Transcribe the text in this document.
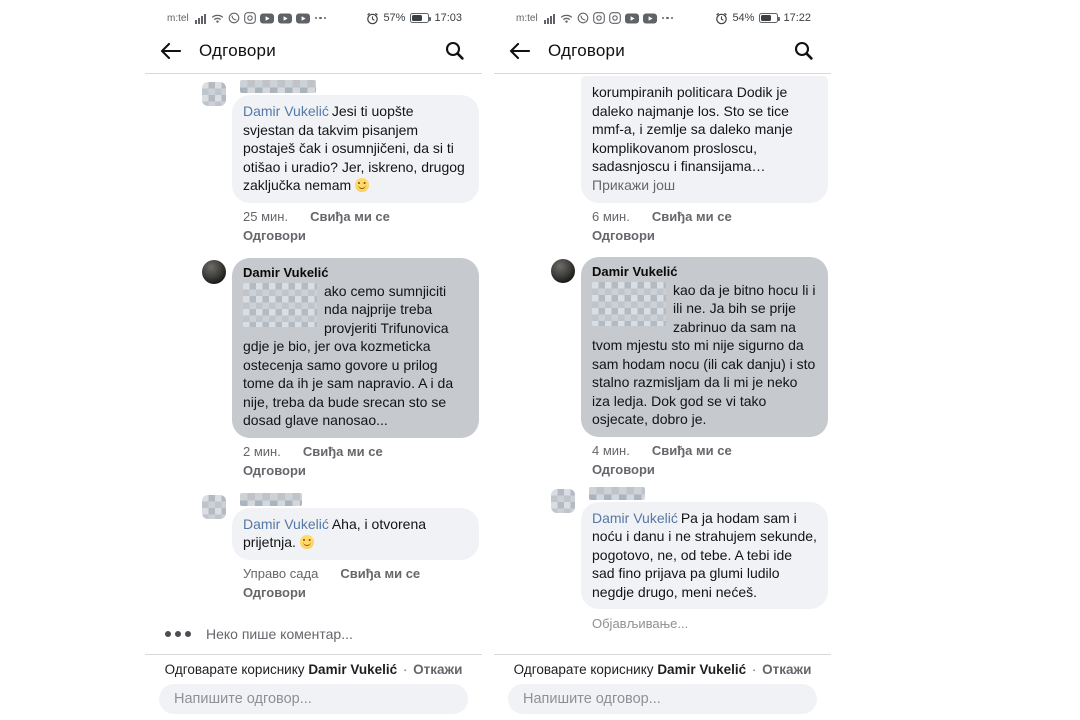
m:tel	57%	17:03
Одговори

Damir Vukelić Jesi ti uopšte svjestan da takvim pisanjem postaješ čak i osumnjičeni, da si ti otišao i uradio? Jer, iskreno, drugog zaključka nemam

25 мин. Свиђа ми се
Одговори
Damir Vukelić

ako cemo sumnjiciti nda najprije treba provjeriti Trifunovica gdje je bio, jer ova kozmeticka ostecenja samo govore u prilog tome da ih je sam napravio. A i da nije, treba da bude srecan sto se dosad glave nanosao...

2 мин. Свиђа ми се
Одговори

Damir Vukelić Aha, i otvorena prijetnja.

Управо сада Свиђа ми се
Одговори
Неко пише коментар...
Одговарате кориснику Damir Vukelić · Откажи
Напишите одговор...
m:tel	54%	17:22
Одговори

korumpiranih politicara Dodik je daleko najmanje los. Sto se tice mmf-a, i zemlje sa daleko manje komplikovanom prosloscu, sadasnjoscu i finansijama…

Прикажи још
6 мин. Свиђа ми се
Одговори
Damir Vukelić

kao da je bitno hocu li i ili ne. Ja bih se prije zabrinuo da sam na tvom mjestu sto mi nije sigurno da sam hodam nocu (ili cak danju) i sto stalno razmisljam da li mi je neko iza ledja. Dok god se vi tako osjecate, dobro je.

4 мин. Свиђа ми се
Одговори

Damir Vukelić Pa ja hodam sam i noću i danu i ne strahujem sekunde, pogotovo, ne, od tebe. A tebi ide sad fino prijava pa glumi ludilo negdje drugo, meni nećeš.

Објављивање...
Одговарате кориснику Damir Vukelić · Откажи
Напишите одговор...
